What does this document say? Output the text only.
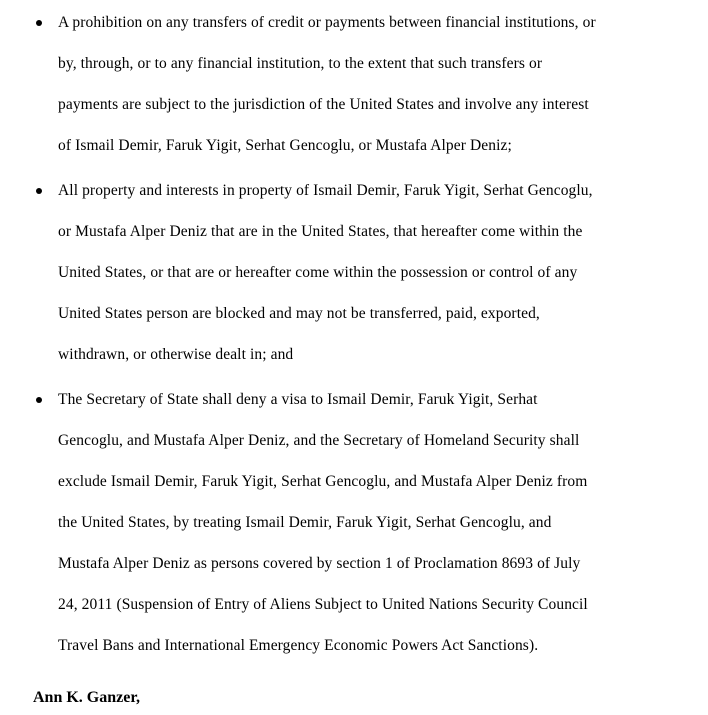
A prohibition on any transfers of credit or payments between financial institutions, or
by, through, or to any financial institution, to the extent that such transfers or
payments are subject to the jurisdiction of the United States and involve any interest
of Ismail Demir, Faruk Yigit, Serhat Gencoglu, or Mustafa Alper Deniz;
All property and interests in property of Ismail Demir, Faruk Yigit, Serhat Gencoglu,
or Mustafa Alper Deniz that are in the United States, that hereafter come within the
United States, or that are or hereafter come within the possession or control of any
United States person are blocked and may not be transferred, paid, exported,
withdrawn, or otherwise dealt in; and
The Secretary of State shall deny a visa to Ismail Demir, Faruk Yigit, Serhat
Gencoglu, and Mustafa Alper Deniz, and the Secretary of Homeland Security shall
exclude Ismail Demir, Faruk Yigit, Serhat Gencoglu, and Mustafa Alper Deniz from
the United States, by treating Ismail Demir, Faruk Yigit, Serhat Gencoglu, and
Mustafa Alper Deniz as persons covered by section 1 of Proclamation 8693 of July
24, 2011 (Suspension of Entry of Aliens Subject to United Nations Security Council
Travel Bans and International Emergency Economic Powers Act Sanctions).
Ann K. Ganzer,
